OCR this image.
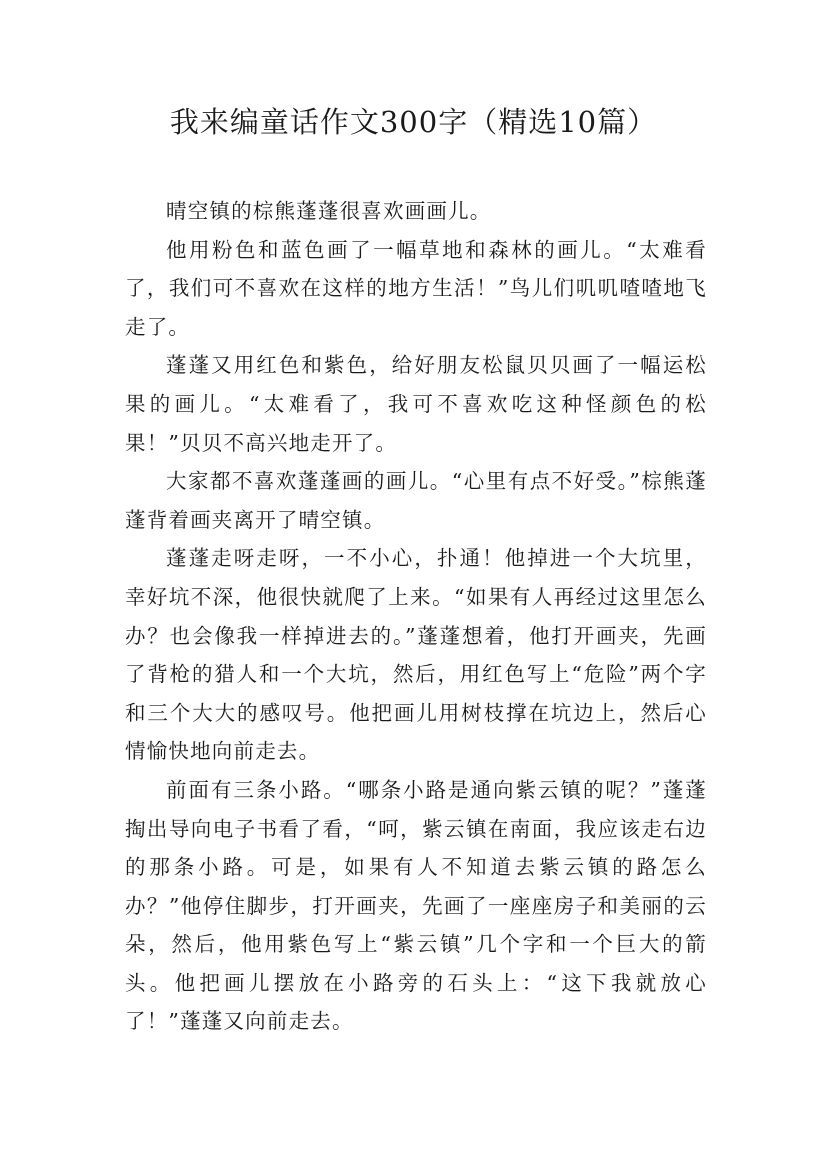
我来编童话作文300字（精选10篇）

晴空镇的棕熊蓬蓬很喜欢画画儿。

他用粉色和蓝色画了一幅草地和森林的画儿。“太难看了，我们可不喜欢在这样的地方生活！”鸟儿们叽叽喳喳地飞走了。

蓬蓬又用红色和紫色，给好朋友松鼠贝贝画了一幅运松果的画儿。“太难看了，我可不喜欢吃这种怪颜色的松果！”贝贝不高兴地走开了。

大家都不喜欢蓬蓬画的画儿。“心里有点不好受。”棕熊蓬蓬背着画夹离开了晴空镇。

蓬蓬走呀走呀，一不小心，扑通！他掉进一个大坑里，幸好坑不深，他很快就爬了上来。“如果有人再经过这里怎么办？也会像我一样掉进去的。”蓬蓬想着，他打开画夹，先画了背枪的猎人和一个大坑，然后，用红色写上“危险”两个字和三个大大的感叹号。他把画儿用树枝撑在坑边上，然后心情愉快地向前走去。

前面有三条小路。“哪条小路是通向紫云镇的呢？”蓬蓬掏出导向电子书看了看，“呵，紫云镇在南面，我应该走右边的那条小路。可是，如果有人不知道去紫云镇的路怎么办？”他停住脚步，打开画夹，先画了一座座房子和美丽的云朵，然后，他用紫色写上“紫云镇”几个字和一个巨大的箭头。他把画儿摆放在小路旁的石头上：“这下我就放心了！”蓬蓬又向前走去。
